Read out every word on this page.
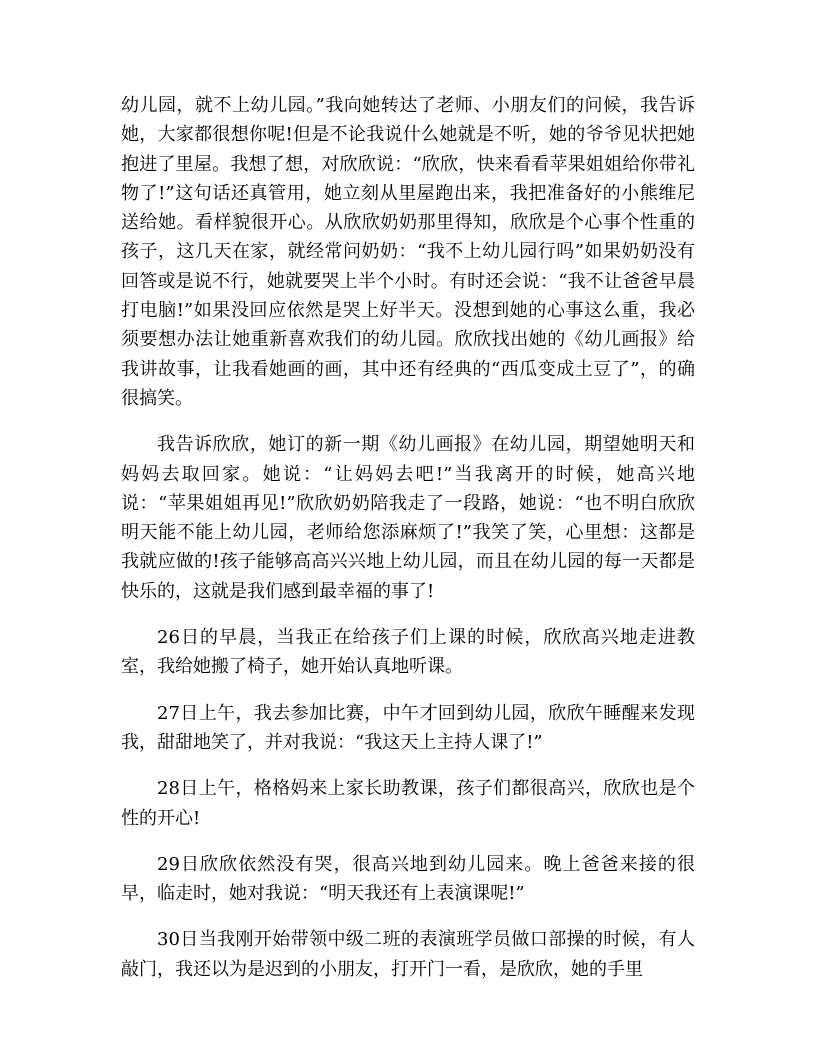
幼儿园，就不上幼儿园。”我向她转达了老师、小朋友们的问候，我告诉她，大家都很想你呢!但是不论我说什么她就是不听，她的爷爷见状把她抱进了里屋。我想了想，对欣欣说：“欣欣，快来看看苹果姐姐给你带礼物了!”这句话还真管用，她立刻从里屋跑出来，我把准备好的小熊维尼送给她。看样貌很开心。从欣欣奶奶那里得知，欣欣是个心事个性重的孩子，这几天在家，就经常问奶奶：“我不上幼儿园行吗”如果奶奶没有回答或是说不行，她就要哭上半个小时。有时还会说：“我不让爸爸早晨打电脑!”如果没回应依然是哭上好半天。没想到她的心事这么重，我必须要想办法让她重新喜欢我们的幼儿园。欣欣找出她的《幼儿画报》给我讲故事，让我看她画的画，其中还有经典的“西瓜变成土豆了”，的确很搞笑。

我告诉欣欣，她订的新一期《幼儿画报》在幼儿园，期望她明天和妈妈去取回家。她说：“让妈妈去吧!”当我离开的时候，她高兴地说：“苹果姐姐再见!”欣欣奶奶陪我走了一段路，她说：“也不明白欣欣明天能不能上幼儿园，老师给您添麻烦了!”我笑了笑，心里想：这都是我就应做的!孩子能够高高兴兴地上幼儿园，而且在幼儿园的每一天都是快乐的，这就是我们感到最幸福的事了!

26日的早晨，当我正在给孩子们上课的时候，欣欣高兴地走进教室，我给她搬了椅子，她开始认真地听课。

27日上午，我去参加比赛，中午才回到幼儿园，欣欣午睡醒来发现我，甜甜地笑了，并对我说：“我这天上主持人课了!”

28日上午，格格妈来上家长助教课，孩子们都很高兴，欣欣也是个性的开心!

29日欣欣依然没有哭，很高兴地到幼儿园来。晚上爸爸来接的很早，临走时，她对我说：“明天我还有上表演课呢!”

30日当我刚开始带领中级二班的表演班学员做口部操的时候，有人敲门，我还以为是迟到的小朋友，打开门一看，是欣欣，她的手里
